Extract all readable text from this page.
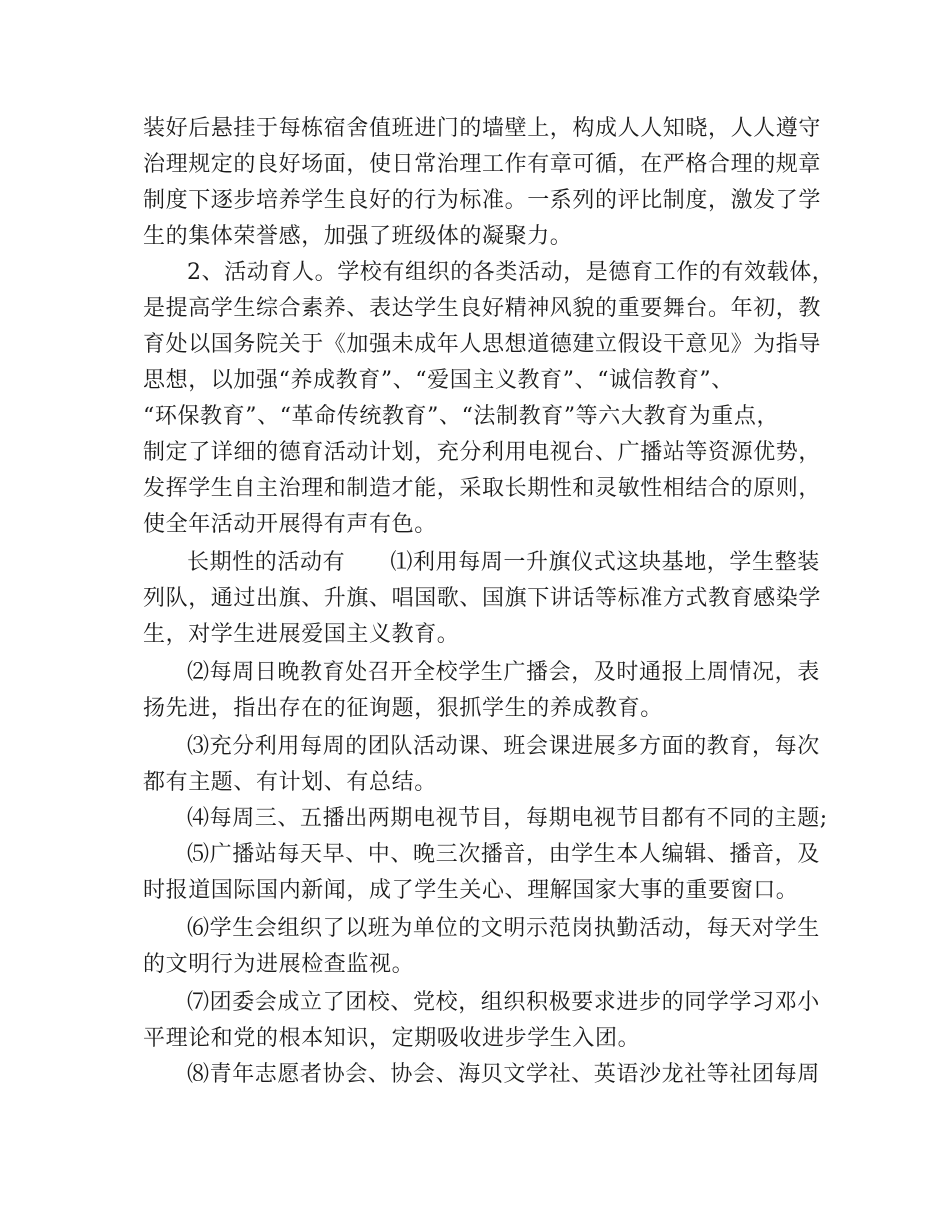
装好后悬挂于每栋宿舍值班进门的墙壁上，构成人人知晓，人人遵守
治理规定的良好场面，使日常治理工作有章可循，在严格合理的规章
制度下逐步培养学生良好的行为标准。一系列的评比制度，激发了学
生的集体荣誉感，加强了班级体的凝聚力。
2、活动育人。学校有组织的各类活动，是德育工作的有效载体，
是提高学生综合素养、表达学生良好精神风貌的重要舞台。年初，教
育处以国务院关于《加强未成年人思想道德建立假设干意见》为指导
思想，以加强“养成教育”、“爱国主义教育”、“诚信教育”、
“环保教育”、“革命传统教育”、“法制教育”等六大教育为重点，
制定了详细的德育活动计划，充分利用电视台、广播站等资源优势，
发挥学生自主治理和制造才能，采取长期性和灵敏性相结合的原则，
使全年活动开展得有声有色。
长期性的活动有　　⑴利用每周一升旗仪式这块基地，学生整装
列队，通过出旗、升旗、唱国歌、国旗下讲话等标准方式教育感染学
生，对学生进展爱国主义教育。
⑵每周日晚教育处召开全校学生广播会，及时通报上周情况，表
扬先进，指出存在的征询题，狠抓学生的养成教育。
⑶充分利用每周的团队活动课、班会课进展多方面的教育，每次
都有主题、有计划、有总结。
⑷每周三、五播出两期电视节目，每期电视节目都有不同的主题;
⑸广播站每天早、中、晚三次播音，由学生本人编辑、播音，及
时报道国际国内新闻，成了学生关心、理解国家大事的重要窗口。
⑹学生会组织了以班为单位的文明示范岗执勤活动，每天对学生
的文明行为进展检查监视。
⑺团委会成立了团校、党校，组织积极要求进步的同学学习邓小
平理论和党的根本知识，定期吸收进步学生入团。
⑻青年志愿者协会、协会、海贝文学社、英语沙龙社等社团每周
